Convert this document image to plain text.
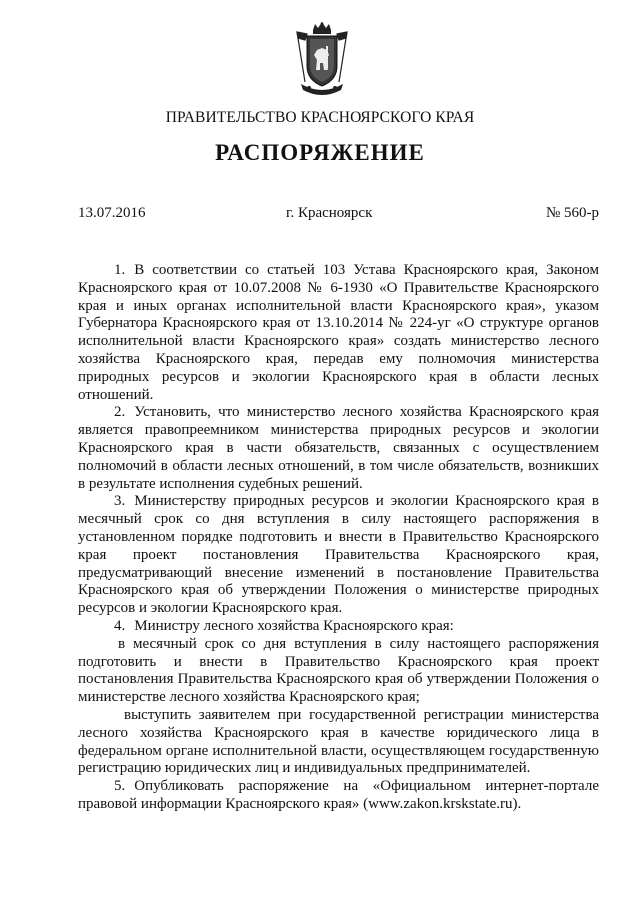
ПРАВИТЕЛЬСТВО КРАСНОЯРСКОГО КРАЯ
РАСПОРЯЖЕНИЕ
13.07.2016	г. Красноярск	№ 560-р

1. В соответствии со статьей 103 Устава Красноярского края, Законом Красноярского края от 10.07.2008 № 6-1930 «О Правительстве Красноярского края и иных органах исполнительной власти Красноярского края», указом Губернатора Красноярского края от 13.10.2014 № 224-уг «О структуре органов исполнительной власти Красноярского края» создать министерство лесного хозяйства Красноярского края, передав ему полномочия министерства природных ресурсов и экологии Красноярского края в области лесных отношений.

2. Установить, что министерство лесного хозяйства Красноярского края является правопреемником министерства природных ресурсов и экологии Красноярского края в части обязательств, связанных с осуществлением полномочий в области лесных отношений, в том числе обязательств, возникших в результате исполнения судебных решений.

3. Министерству природных ресурсов и экологии Красноярского края в месячный срок со дня вступления в силу настоящего распоряжения в установленном порядке подготовить и внести в Правительство Красноярского края проект постановления Правительства Красноярского края, предусматривающий внесение изменений в постановление Правительства Красноярского края об утверждении Положения о министерстве природных ресурсов и экологии Красноярского края.

4. Министру лесного хозяйства Красноярского края:

в месячный срок со дня вступления в силу настоящего распоряжения подготовить и внести в Правительство Красноярского края проект постановления Правительства Красноярского края об утверждении Положения о министерстве лесного хозяйства Красноярского края;

выступить заявителем при государственной регистрации министерства лесного хозяйства Красноярского края в качестве юридического лица в федеральном органе исполнительной власти, осуществляющем государственную регистрацию юридических лиц и индивидуальных предпринимателей.

5. Опубликовать распоряжение на «Официальном интернет-портале правовой информации Красноярского края» (www.zakon.krskstate.ru).
